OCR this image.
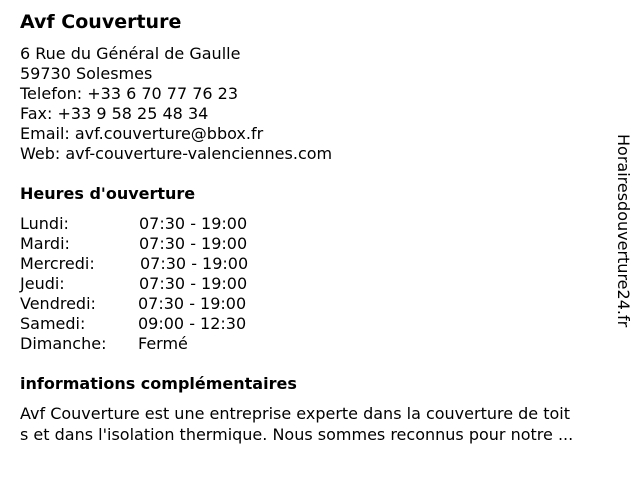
Avf Couverture
6 Rue du Général de Gaulle
59730 Solesmes
Telefon: +33 6 70 77 76 23
Fax: +33 9 58 25 48 34
Email: avf.couverture@bbox.fr
Web: avf-couverture-valenciennes.com
Heures d'ouverture
Lundi:	07:30 - 19:00
Mardi:	07:30 - 19:00
Mercredi:	07:30 - 19:00
Jeudi:	07:30 - 19:00
Vendredi:	07:30 - 19:00
Samedi:	09:00 - 12:30
Dimanche: Fermé
informations complémentaires
Avf Couverture est une entreprise experte dans la couverture de toit
s et dans l'isolation thermique. Nous sommes reconnus pour notre ...
Horairesdouverture24.fr
